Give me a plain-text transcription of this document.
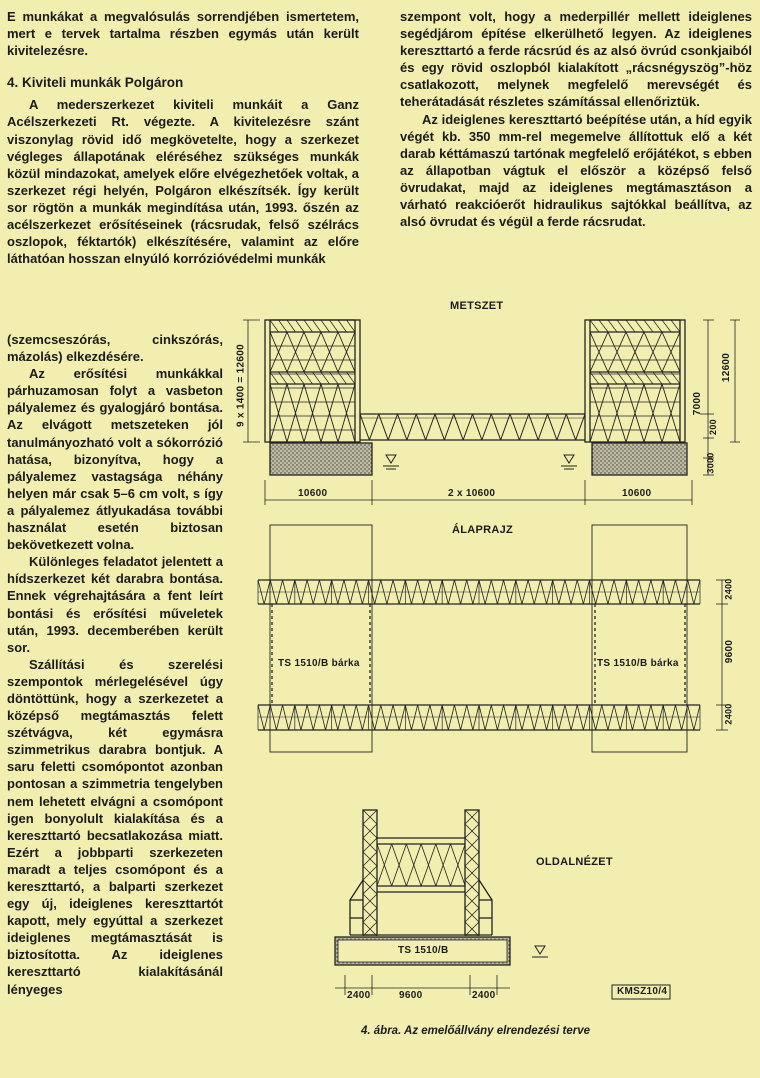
E munkákat a megvalósulás sorrendjében ismertetem, mert e tervek tartalma részben egymás után került kivitelezésre.

4. Kiviteli munkák Polgáron

A mederszerkezet kiviteli munkáit a Ganz Acélszerkezeti Rt. végezte. A kivitelezésre szánt viszonylag rövid idő megkövetelte, hogy a szerkezet végleges állapotának eléréséhez szükséges munkák közül mindazokat, amelyek előre elvégezhetőek voltak, a szerkezet régi helyén, Polgáron elkészítsék. Így került sor rögtön a munkák megindítása után, 1993. őszén az acélszerkezet erősítéseinek (rácsrudak, felső szélrács oszlopok, féktartók) elkészítésére, valamint az előre láthatóan hosszan elnyúló korrózióvédelmi munkák

(szemcseszórás, cinkszórás, mázolás) elkezdésére.

Az erősítési munkákkal párhuzamosan folyt a vasbeton pályalemez és gyalogjáró bontása. Az elvágott metszeteken jól tanulmányozható volt a sókorrózió hatása, bizonyítva, hogy a pályalemez vastagsága néhány helyen már csak 5–6 cm volt, s így a pályalemez átlyukadása további használat esetén biztosan bekövetkezett volna.

Különleges feladatot jelentett a hídszerkezet két darabra bontása. Ennek végrehajtására a fent leírt bontási és erősítési műveletek után, 1993. decemberében került sor.

Szállítási és szerelési szempontok mérlegelésével úgy döntöttünk, hogy a szerkezetet a középső megtámasztás felett szétvágva, két egymásra szimmetrikus darabra bontjuk. A saru feletti csomópontot azonban pontosan a szimmetria tengelyben nem lehetett elvágni a csomópont igen bonyolult kialakítása és a kereszttartó becsatlakozása miatt. Ezért a jobbparti szerkezeten maradt a teljes csomópont és a kereszttartó, a balparti szerkezet egy új, ideiglenes kereszttartót kapott, mely egyúttal a szerkezet ideiglenes megtámasztását is biztosította. Az ideiglenes kereszttartó kialakításánál lényeges

szempont volt, hogy a mederpillér mellett ideiglenes segédjárom építése elkerülhető legyen. Az ideiglenes kereszttartó a ferde rácsrúd és az alsó övrúd csonkjaiból és egy rövid oszlopból kialakított „rácsnégyszög”-höz csatlakozott, melynek megfelelő merevségét és teherátadását részletes számítással ellenőriztük.

Az ideiglenes kereszttartó beépítése után, a híd egyik végét kb. 350 mm-rel megemelve állítottuk elő a két darab kéttámaszú tartónak megfelelő erőjátékot, s ebben az állapotban vágtuk el először a középső felső övrudakat, majd az ideiglenes megtámasztáson a várható reakcióerőt hidraulikus sajtókkal beállítva, az alsó övrudat és végül a ferde rácsrudat.

METSZET
ÁLAPRAJZ
OLDALNÉZET
9 x 1400 = 12600	12600
7000
200
3000
10600	2 x 10600	10600
2400
9600
2400
TS 1510/B bárka	TS 1510/B bárka
TS 1510/B
2400	9600	2400	KMSZ10/4
4. ábra. Az emelőállvány elrendezési terve
